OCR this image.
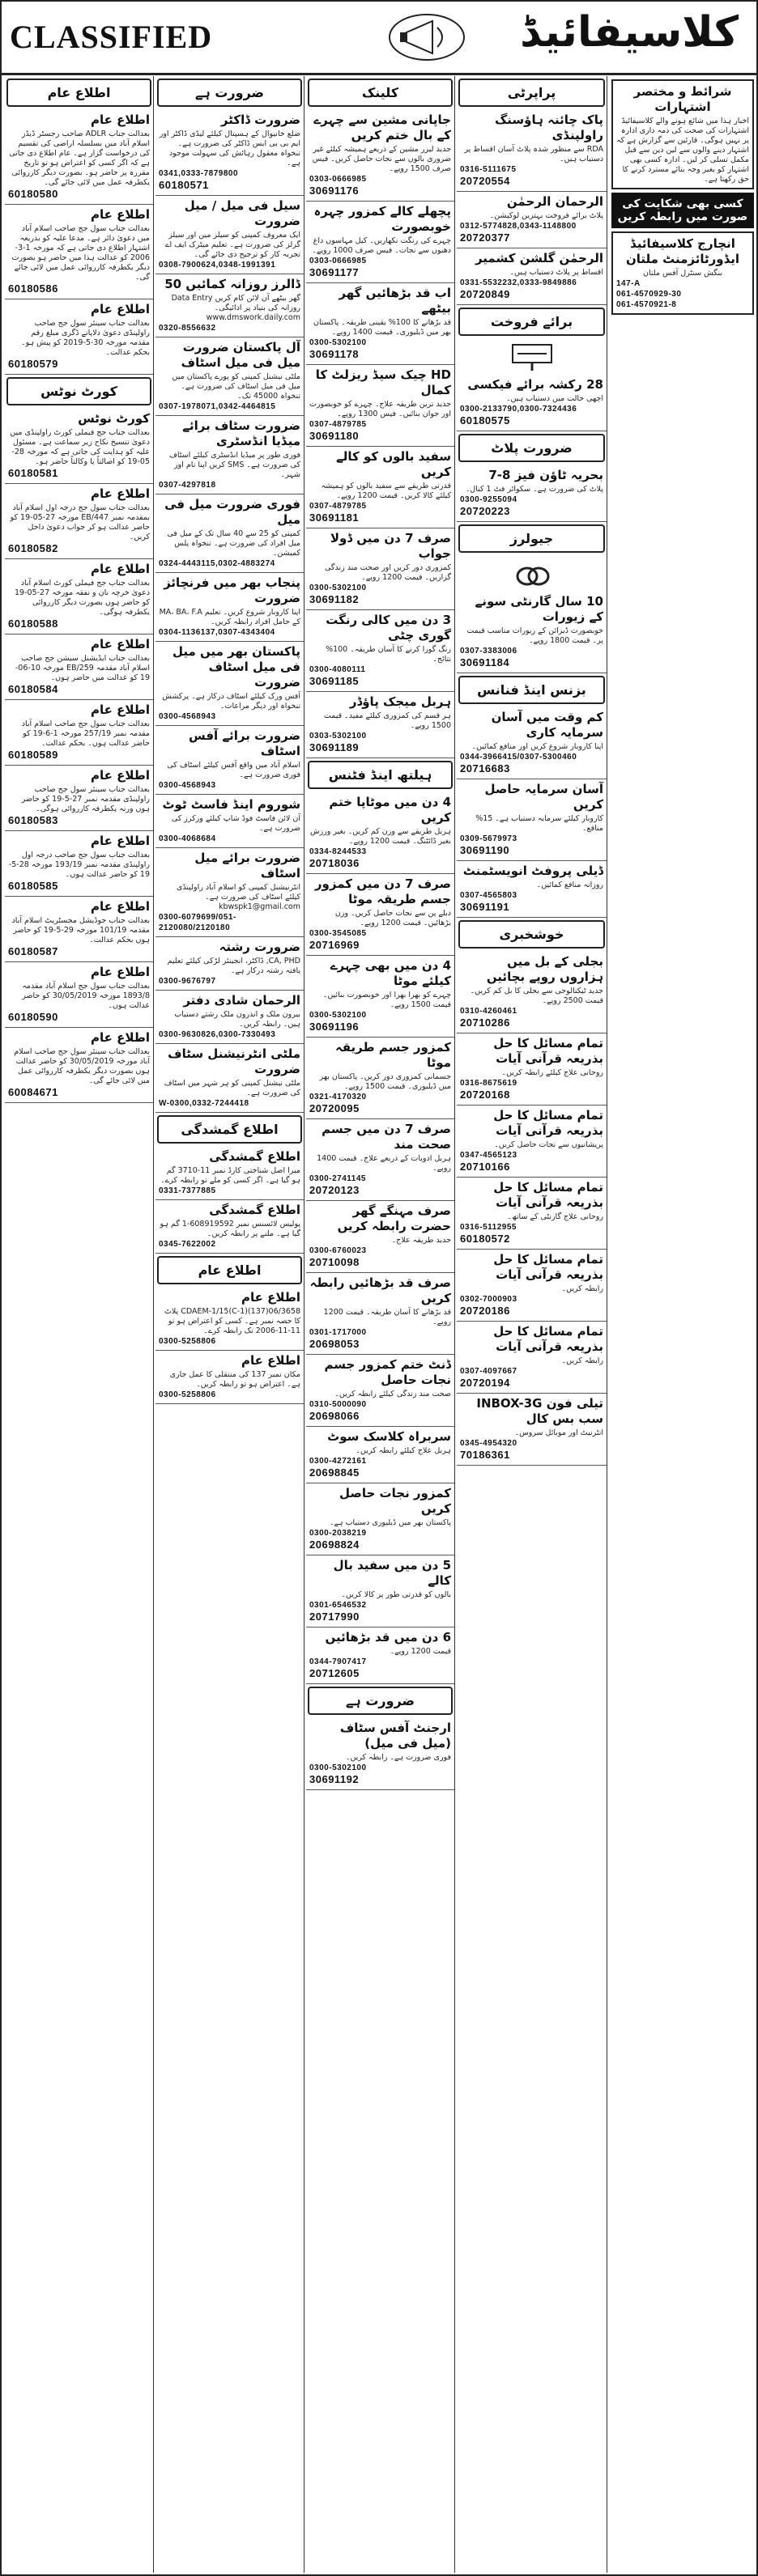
CLASSIFIED	کلاسیفائیڈ
اطلاع عام
اطلاع عام
بعدالت جناب ADLR صاحب رجسٹر ڈیڈز اسلام آباد میں بسلسلہ اراضی کی تقسیم کی درخواست گزار ہے۔ عام اطلاع دی جاتی ہے کہ اگر کسی کو اعتراض ہو تو تاریخ مقررہ پر حاضر ہو۔ بصورت دیگر کارروائی یکطرفہ عمل میں لائی جائے گی۔
60180580
اطلاع عام
بعدالت جناب سول جج صاحب اسلام آباد میں دعویٰ دائر ہے۔ مدعا علیہ کو بذریعہ اشتہار اطلاع دی جاتی ہے کہ مورخہ 1-3-2006 کو عدالت ہذا میں حاضر ہو بصورت دیگر یکطرفہ کارروائی عمل میں لائی جائے گی۔
60180586
اطلاع عام
بعدالت جناب سینئر سول جج صاحب راولپنڈی دعویٰ دلاپانے ڈگری مبلغ رقم مقدمہ مورخہ 30-5-2019 کو پیش ہو۔ بحکم عدالت۔
60180579
کورٹ نوٹس
کورٹ نوٹس
بعدالت جناب جج فیملی کورٹ راولپنڈی میں دعویٰ تنسیخ نکاح زیر سماعت ہے۔ مسئول علیہ کو ہدایت کی جاتی ہے کہ مورخہ 28-05-19 کو اصالتاً یا وکالتاً حاضر ہو۔
60180581
اطلاع عام
بعدالت جناب سول جج درجہ اول اسلام آباد بمقدمہ نمبر 447/EB مورخہ 27-05-19 کو حاضر عدالت ہو کر جواب دعویٰ داخل کریں۔
60180582
اطلاع عام
بعدالت جناب جج فیملی کورٹ اسلام آباد دعویٰ خرچہ نان و نفقہ مورخہ 27-05-19 کو حاضر ہوں بصورت دیگر کارروائی یکطرفہ ہوگی۔
60180588
اطلاع عام
بعدالت جناب ایڈیشنل سیشن جج صاحب اسلام آباد مقدمہ 259/EB مورخہ 10-06-19 کو عدالت میں حاضر ہوں۔
60180584
اطلاع عام
بعدالت جناب سول جج صاحب اسلام آباد مقدمہ نمبر 257/19 مورخہ 1-6-19 کو حاضر عدالت ہوں۔ بحکم عدالت۔
60180589
اطلاع عام
بعدالت جناب سینئر سول جج صاحب راولپنڈی مقدمہ نمبر 27-5-19 کو حاضر ہوں ورنہ یکطرفہ کارروائی ہوگی۔
60180583
اطلاع عام
بعدالت جناب سول جج صاحب درجہ اول راولپنڈی مقدمہ نمبر 193/19 مورخہ 28-5-19 کو حاضر عدالت ہوں۔
60180585
اطلاع عام
بعدالت جناب جوڈیشل مجسٹریٹ اسلام آباد مقدمہ 101/19 مورخہ 29-5-19 کو حاضر ہوں بحکم عدالت۔
60180587
اطلاع عام
بعدالت جناب سول جج اسلام آباد مقدمہ 1893/8 مورخہ 30/05/2019 کو حاضر عدالت ہوں۔
60180590
اطلاع عام
بعدالت جناب سینئر سول جج صاحب اسلام آباد مورخہ 30/05/2019 کو حاضر عدالت ہوں بصورت دیگر یکطرفہ کارروائی عمل میں لائی جائے گی۔
60084671
ضرورت ہے
ضرورت ڈاکٹر
ضلع خانیوال کے ہسپتال کیلئے لیڈی ڈاکٹر اور ایم بی بی ایس ڈاکٹر کی ضرورت ہے۔ تنخواہ معقول رہائش کی سہولت موجود ہے۔
0341,0333-7879800
60180571
سیل فی میل / میل ضرورت
ایک معروف کمپنی کو سیلز مین اور سیلز گرلز کی ضرورت ہے۔ تعلیم میٹرک ایف اے تجربہ کار کو ترجیح دی جائے گی۔
0308-7900624,0348-1991391
ڈالرز روزانہ کمائیں 50
گھر بیٹھے آن لائن کام کریں Data Entry روزانہ کی بنیاد پر ادائیگی۔ www.dmswork.daily.com
0320-8556632
آل پاکستان ضرورت میل فی میل اسٹاف
ملٹی نیشنل کمپنی کو پورے پاکستان میں میل فی میل اسٹاف کی ضرورت ہے۔ تنخواہ 45000 تک۔
0307-1978071,0342-4464815
ضرورت سٹاف برائے میڈیا انڈسٹری
فوری طور پر میڈیا انڈسٹری کیلئے اسٹاف کی ضرورت ہے۔ SMS کریں اپنا نام اور شہر۔
0307-4297818
فوری ضرورت میل فی میل
کمپنی کو 25 سے 40 سال تک کے میل فی میل افراد کی ضرورت ہے۔ تنخواہ پلس کمیشن۔
0324-4443115,0302-4883274
پنجاب بھر میں فرنچائز ضرورت
اپنا کاروبار شروع کریں۔ تعلیم MA، BA، F.A کے حامل افراد رابطہ کریں۔
0304-1136137,0307-4343404
پاکستان بھر میں میل فی میل اسٹاف ضرورت
آفس ورک کیلئے اسٹاف درکار ہے۔ پرکشش تنخواہ اور دیگر مراعات۔
0300-4568943
ضرورت برائے آفس اسٹاف
اسلام آباد میں واقع آفس کیلئے اسٹاف کی فوری ضرورت ہے۔
0300-4568943
شوروم اینڈ فاسٹ ٹوٹ
آن لائن فاسٹ فوڈ شاپ کیلئے ورکرز کی ضرورت ہے۔
0300-4068684
ضرورت برائے میل اسٹاف
انٹرنیشنل کمپنی کو اسلام آباد راولپنڈی کیلئے اسٹاف کی ضرورت ہے۔ kbwspk1@gmail.com
0300-6079699/051-2120080/2120180
ضرورت رشتہ
CA, PHD, ڈاکٹر، انجینئر لڑکی کیلئے تعلیم یافتہ رشتہ درکار ہے۔
0300-9676797
الرحمان شادی دفتر
بیرون ملک و اندرون ملک رشتے دستیاب ہیں۔ رابطہ کریں۔
0300-9630826,0300-7330493
ملٹی انٹرنیشنل سٹاف ضرورت
ملٹی نیشنل کمپنی کو ہر شہر میں اسٹاف کی ضرورت ہے۔
W-0300,0332-7244418
اطلاع گمشدگی
اطلاع گمشدگی
میرا اصل شناختی کارڈ نمبر 11-3710 گم ہو گیا ہے۔ اگر کسی کو ملے تو رابطہ کرے۔
0331-7377885
اطلاع گمشدگی
پولیس لائسنس نمبر 608919592-1 گم ہو گیا ہے۔ ملنے پر رابطہ کریں۔
0345-7622002
اطلاع عام
اطلاع عام
CDAEM-1/15(C-1)(137)06/3658 پلاٹ کا حصہ نمبر ہے۔ کسی کو اعتراض ہو تو 11-11-2006 تک رابطہ کرے۔
0300-5258806
اطلاع عام
مکان نمبر 137 کی منتقلی کا عمل جاری ہے۔ اعتراض ہو تو رابطہ کریں۔
0300-5258806
کلینک
جاپانی مشین سے چہرے کے بال ختم کریں
جدید لیزر مشین کے ذریعے ہمیشہ کیلئے غیر ضروری بالوں سے نجات حاصل کریں۔ فیس صرف 1500 روپے۔
0303-0666985
30691176
پچھلے کالے کمزور چہرہ خوبصورت
چہرے کی رنگت نکھاریں۔ کیل مہاسوں داغ دھبوں سے نجات۔ فیس صرف 1000 روپے۔
0303-0666985
30691177
اب قد بڑھائیں گھر بیٹھے
قد بڑھانے کا 100% یقینی طریقہ۔ پاکستان بھر میں ڈیلیوری۔ قیمت 1400 روپے۔
0300-5302100
30691178
HD چیک سیڈ ریزلٹ کا کمال
جدید ترین طریقہ علاج۔ چہرے کو خوبصورت اور جوان بنائیں۔ فیس 1300 روپے۔
0307-4879785
30691180
سفید بالوں کو کالے کریں
قدرتی طریقے سے سفید بالوں کو ہمیشہ کیلئے کالا کریں۔ قیمت 1200 روپے۔
0307-4879785
30691181
صرف 7 دن میں ڈولا جواب
کمزوری دور کریں اور صحت مند زندگی گزاریں۔ قیمت 1200 روپے۔
0300-5302100
30691182
3 دن میں کالی رنگت گوری چٹی
رنگ گورا کرنے کا آسان طریقہ۔ 100% نتائج۔
0300-4080111
30691185
ہربل میجک پاؤڈر
ہر قسم کی کمزوری کیلئے مفید۔ قیمت 1500 روپے۔
0303-5302100
30691189
ہیلتھ اینڈ فٹنس
4 دن میں موٹاپا ختم کریں
ہربل طریقے سے وزن کم کریں۔ بغیر ورزش بغیر ڈائٹنگ۔ قیمت 1200 روپے۔
0334-8244533
20718036
صرف 7 دن میں کمزور جسم طریقہ موٹا
دبلے پن سے نجات حاصل کریں۔ وزن بڑھائیں۔ قیمت 1200 روپے۔
0300-3545085
20716969
4 دن میں بھی چہرے کیلئے موٹا
چہرے کو بھرا بھرا اور خوبصورت بنائیں۔ قیمت 1500 روپے۔
0300-5302100
30691196
کمزور جسم طریقہ موٹا
جسمانی کمزوری دور کریں۔ پاکستان بھر میں ڈیلیوری۔ قیمت 1500 روپے۔
0321-4170320
20720095
صرف 7 دن میں جسم صحت مند
ہربل ادویات کے ذریعے علاج۔ قیمت 1400 روپے۔
0300-2741145
20720123
صرف مہنگے گھر حضرت رابطہ کریں
جدید طریقہ علاج۔
0300-6760023
20710098
صرف قد بڑھائیں رابطہ کریں
قد بڑھانے کا آسان طریقہ۔ قیمت 1200 روپے۔
0301-1717000
20698053
ڈنٹ ختم کمزور جسم نجات حاصل
صحت مند زندگی کیلئے رابطہ کریں۔
0310-5000090
20698066
سربراہ کلاسک سوٹ
ہربل علاج کیلئے رابطہ کریں۔
0300-4272161
20698845
کمزور نجات حاصل کریں
پاکستان بھر میں ڈیلیوری دستیاب ہے۔
0300-2038219
20698824
5 دن میں سفید بال کالے
بالوں کو قدرتی طور پر کالا کریں۔
0301-6546532
20717990
6 دن میں قد بڑھائیں
قیمت 1200 روپے۔
0344-7907417
20712605
ضرورت ہے
ارجنٹ آفس سٹاف (میل فی میل)
فوری ضرورت ہے۔ رابطہ کریں۔
0300-5302100
30691192
پراپرٹی
پاک چائنہ ہاؤسنگ راولپنڈی
RDA سے منظور شدہ پلاٹ آسان اقساط پر دستیاب ہیں۔
0316-5111675
20720554
الرحمان الرحمٰن
پلاٹ برائے فروخت بہترین لوکیشن۔
0312-5774828,0343-1148800
20720377
الرحمٰن گلشن کشمیر
اقساط پر پلاٹ دستیاب ہیں۔
0331-5532232,0333-9849886
20720849
برائے فروخت
28 رکشہ برائے فیکسی
اچھی حالت میں دستیاب ہیں۔
0300-2133790,0300-7324436
60180575
ضرورت پلاٹ
بحریہ ٹاؤن فیز 8-7
پلاٹ کی ضرورت ہے۔ سکوائر فٹ 1 کنال۔
0300-9255094
20720223
جیولرز
10 سال گارنٹی سونے کے زیورات
خوبصورت ڈیزائن کے زیورات مناسب قیمت پر۔ قیمت 1800 روپے۔
0307-3383006
30691184
بزنس اینڈ فنانس
کم وقت میں آسان سرمایہ کاری
اپنا کاروبار شروع کریں اور منافع کمائیں۔
0344-3966415/0307-5300460
20716683
آسان سرمایہ حاصل کریں
کاروبار کیلئے سرمایہ دستیاب ہے۔ 15% منافع۔
0309-5679973
30691190
ڈیلی پروفٹ انویسٹمنٹ
روزانہ منافع کمائیں۔
0307-4565803
30691191
خوشخبری
بجلی کے بل میں ہزاروں روپے بچائیں
جدید ٹیکنالوجی سے بجلی کا بل کم کریں۔ قیمت 2500 روپے۔
0310-4260461
20710286
تمام مسائل کا حل بذریعہ قرآنی آیات
روحانی علاج کیلئے رابطہ کریں۔
0316-8675619
20720168
تمام مسائل کا حل بذریعہ قرآنی آیات
پریشانیوں سے نجات حاصل کریں۔
0347-4565123
20710166
تمام مسائل کا حل بذریعہ قرآنی آیات
روحانی علاج گارنٹی کے ساتھ۔
0316-5112955
60180572
تمام مسائل کا حل بذریعہ قرآنی آیات
رابطہ کریں۔
0302-7000903
20720186
تمام مسائل کا حل بذریعہ قرآنی آیات
رابطہ کریں۔
0307-4097667
20720194
تیلی فون INBOX-3G سب بس کال
انٹرنیٹ اور موبائل سروس۔
0345-4954320
70186361
شرائط و مختصر اشتہارات
اخبار ہذا میں شائع ہونے والے کلاسیفائیڈ اشتہارات کی صحت کی ذمہ داری ادارہ پر نہیں ہوگی۔ قارئین سے گزارش ہے کہ اشتہار دینے والوں سے لین دین سے قبل مکمل تسلی کر لیں۔ ادارہ کسی بھی اشتہار کو بغیر وجہ بتائے مسترد کرنے کا حق رکھتا ہے۔
کسی بھی شکایت کی صورت میں رابطہ کریں
انچارج کلاسیفائیڈ ایڈورٹائزمنٹ ملتان
بنگش سنٹرل آفس ملتان
147-A
061-4570929-30
061-4570921-8
